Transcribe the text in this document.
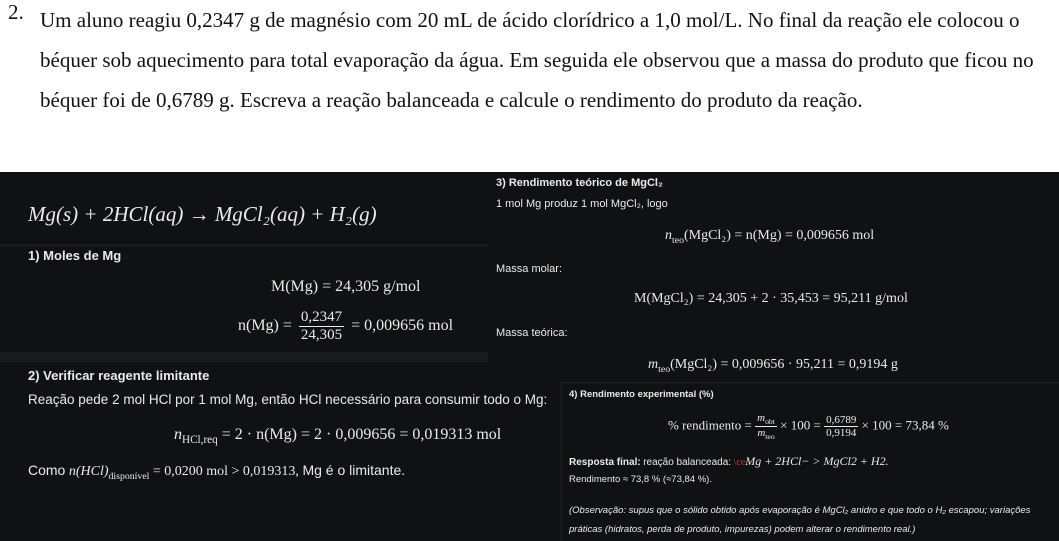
2. Um aluno reagiu 0,2347 g de magnésio com 20 mL de ácido clorídrico a 1,0 mol/L. No final da reação ele colocou o béquer sob aquecimento para total evaporação da água. Em seguida ele observou que a massa do produto que ficou no béquer foi de 0,6789 g. Escreva a reação balanceada e calcule o rendimento do produto da reação.
Mg(s) + 2HCl(aq) → MgCl₂(aq) + H₂(g)
1) Moles de Mg
M(Mg) = 24,305 g/mol
$n(Mg) = \frac{0,2347}{24,305} = 0,009656$ mol
2) Verificar reagente limitante
Reação pede 2 mol HCl por 1 mol Mg, então HCl necessário para consumir todo o Mg:
$n_{HCl,req} = 2 \cdot n(Mg) = 2 \cdot 0,009656 = 0,019313$ mol
Como $n(HCl)_{disponível} = 0,0200$ mol > 0,019313, Mg é o limitante.
3) Rendimento teórico de MgCl₂
1 mol Mg produz 1 mol MgCl₂, logo
$n_{teo}(MgCl_2) = n(Mg) = 0,009656$ mol
Massa molar:
M(MgCl₂) = 24,305 + 2 · 35,453 = 95,211 g/mol
Massa teórica:
$m_{teo}(MgCl_2) = 0,009656 \cdot 95,211 = 0,9194$ g
4) Rendimento experimental (%)
% rendimento = $\frac{m_{obt}}{m_{teo}} \times 100 = \frac{0,6789}{0,9194} \times 100 = 73,84$ %
Resposta final: reação balanceada: \ceMg + 2HCl− > MgCl2 + H2.
Rendimento ≈ 73,8 % (≈73,84 %).
(Observação: supus que o sólido obtido após evaporação é MgCl₂ anidro e que todo o H₂ escapou; variações práticas (hidratos, perda de produto, impurezas) podem alterar o rendimento real.)
